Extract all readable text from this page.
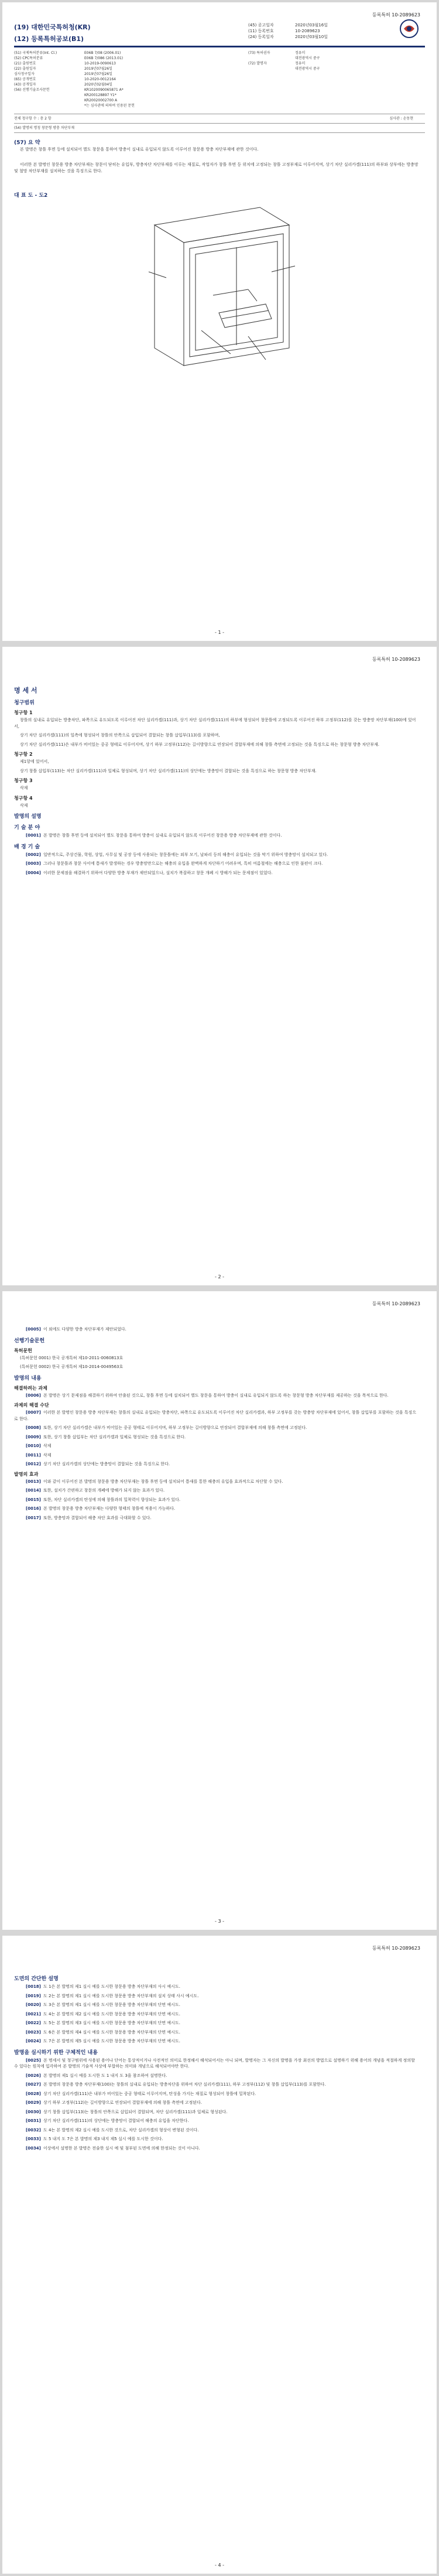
등록특허 10-2089623
(19) 대한민국특허청(KR)
(12) 등록특허공보(B1)
(45) 공고일자	2020년03월16일
(11) 등록번호	10-2089623
(24) 등록일자	2020년03월10일
(51) 국제특허분류(Int. Cl.)	E06B 7/08 (2006.01)
(52) CPC특허분류	E06B 7/086 (2013.01)
(21) 출원번호	10-2019-0090613
(22) 출원일자	2019년07월26일
심사청구일자	2019년07월26일
(65) 공개번호	10-2020-0012164
(43) 공개일자	2020년02월04일
(56) 선행기술조사문헌	KR1020090065871 A*
KR200128897 Y1*
KR20020002700 A
*는 심사관에 의하여 인용된 문헌
(73) 특허권자	정유미
대전광역시 중구
(72) 발명자	정유미
대전광역시 중구
전체 청구항 수 : 총 2 항	심사관 : 손동현
(54) 발명의 명칭 창문형 방충 차단부재
(57) 요 약
본 발명은 창틀 후면 등에 설치되어 별도 창문을 통하여 방충이 실내로 유입되지 않도록 이루어진 창문용 방충 차단부재에 관한 것이다.
이러한 본 발명인 창문용 방충 차단부재는 창문이 닫히는 유입부, 방충차단 차단부재를 이루는 재질로, 작업자가 창틀 후면 등 위치에 고정되는 창틀 고정부재로 이루어지며, 상기 차단 실리카겔(111)의 하부와 상부에는 방충망 및 철망 차단부재를 설치하는 것을 특징으로 한다.
대 표 도 - 도2
- 1 -
등록특허 10-2089623
명 세 서
청구범위
청구항 1

창틀의 실내로 유입되는 방충차단, 파쪽으로 유도되도록 이루어진 차단 실리카겔(111)과, 상기 차단 실리카겔(111)의 하부에 형성되어 창문틀에 고정되도록 이루어진 하부 고정부(112)를 갖는 방충망 차단부재(100)에 있어서,

상기 차단 실리카겔(111)의 일측에 형성되어 창틀의 안쪽으로 삽입되어 결합되는 창틀 삽입부(113)를 포함하며,

상기 차단 실리카겔(111)은 내부가 비어있는 중공 형태로 이루어지며, 상기 하부 고정부(112)는 길이방향으로 연장되어 결합부재에 의해 창틀 측면에 고정되는 것을 특징으로 하는 창문형 방충 차단부재.

청구항 2

제1항에 있어서,

상기 창틀 삽입부(113)는 차단 실리카겔(111)과 일체로 형성되며, 상기 차단 실리카겔(111)의 상단에는 방충망이 결합되는 것을 특징으로 하는 창문형 방충 차단부재.

청구항 3

삭제

청구항 4

삭제

발명의 설명
기 술 분 야

[0001] 본 발명은 창틀 후면 등에 설치되어 별도 창문을 통하여 방충이 실내로 유입되지 않도록 이루어진 창문용 방충 차단부재에 관한 것이다.

배 경 기 술

[0002] 일반적으로, 주상건물, 학원, 상업, 사무실 및 공장 등에 사용되는 창문틀에는 외부 모기, 날파리 등의 해충이 유입되는 것을 막기 위하여 방충망이 설치되고 있다.

[0003] 그러나 창문틀과 창문 사이에 틈새가 발생하는 경우 방충망만으로는 해충의 유입을 완벽하게 차단하기 어려우며, 특히 여름철에는 해충으로 인한 불편이 크다.

[0004] 이러한 문제점을 해결하기 위하여 다양한 방충 부재가 제안되었으나, 설치가 복잡하고 창문 개폐 시 방해가 되는 문제점이 있었다.

- 2 -
등록특허 10-2089623

[0005] 이 외에도 다양한 방충 차단부재가 제안되었다.

선행기술문헌
특허문헌

(특허문헌 0001) 한국 공개특허 제10-2011-0060813호

(특허문헌 0002) 한국 공개특허 제10-2014-0049563호

발명의 내용
해결하려는 과제

[0006] 본 발명은 상기 문제점을 해결하기 위하여 안출된 것으로, 창틀 후면 등에 설치되어 별도 창문을 통하여 방충이 실내로 유입되지 않도록 하는 창문형 방충 차단부재를 제공하는 것을 목적으로 한다.

과제의 해결 수단

[0007] 이러한 본 발명인 창문용 방충 차단부재는 창틀의 실내로 유입되는 방충차단, 파쪽으로 유도되도록 이루어진 차단 실리카겔과, 하부 고정부를 갖는 방충망 차단부재에 있어서, 창틀 삽입부를 포함하는 것을 특징으로 한다.

[0008] 또한, 상기 차단 실리카겔은 내부가 비어있는 중공 형태로 이루어지며, 하부 고정부는 길이방향으로 연장되어 결합부재에 의해 창틀 측면에 고정된다.

[0009] 또한, 상기 창틀 삽입부는 차단 실리카겔과 일체로 형성되는 것을 특징으로 한다.

[0010] 삭제

[0011] 삭제

[0012] 상기 차단 실리카겔의 상단에는 방충망이 결합되는 것을 특징으로 한다.

발명의 효과

[0013] 이와 같이 이루어진 본 발명의 창문용 방충 차단부재는 창틀 후면 등에 설치되어 틈새를 통한 해충의 유입을 효과적으로 차단할 수 있다.

[0014] 또한, 설치가 간편하고 창문의 개폐에 방해가 되지 않는 효과가 있다.

[0015] 또한, 차단 실리카겔의 탄성에 의해 창틀과의 밀착력이 향상되는 효과가 있다.

[0016] 본 발명의 창문용 방충 차단부재는 다양한 형태의 창틀에 적용이 가능하다.

[0017] 또한, 방충망과 결합되어 해충 차단 효과를 극대화할 수 있다.

- 3 -
등록특허 10-2089623
도면의 간단한 설명

[0018] 도 1은 본 발명의 제1 실시 예를 도시한 창문용 방충 차단부재의 사시 예시도.

[0019] 도 2는 본 발명의 제1 실시 예를 도시한 창문용 방충 차단부재의 설치 상태 사시 예시도.

[0020] 도 3은 본 발명의 제1 실시 예를 도시한 창문용 방충 차단부재의 단면 예시도.

[0021] 도 4는 본 발명의 제2 실시 예를 도시한 창문용 방충 차단부재의 단면 예시도.

[0022] 도 5는 본 발명의 제3 실시 예를 도시한 창문용 방충 차단부재의 단면 예시도.

[0023] 도 6은 본 발명의 제4 실시 예를 도시한 창문용 방충 차단부재의 단면 예시도.

[0024] 도 7은 본 발명의 제5 실시 예를 도시한 창문용 방충 차단부재의 단면 예시도.

발명을 실시하기 위한 구체적인 내용

[0025] 본 명세서 및 청구범위에 사용된 용어나 단어는 통상적이거나 사전적인 의미로 한정해서 해석되어서는 아니 되며, 발명자는 그 자신의 발명을 가장 최선의 방법으로 설명하기 위해 용어의 개념을 적절하게 정의할 수 있다는 원칙에 입각하여 본 발명의 기술적 사상에 부합하는 의미와 개념으로 해석되어야만 한다.

[0026] 본 발명의 제1 실시 예를 도시한 도 1 내지 도 3을 참조하여 설명한다.

[0027] 본 발명의 창문용 방충 차단부재(100)는 창틀의 실내로 유입되는 방충차단을 위하여 차단 실리카겔(111), 하부 고정부(112) 및 창틀 삽입부(113)를 포함한다.

[0028] 상기 차단 실리카겔(111)은 내부가 비어있는 중공 형태로 이루어지며, 탄성을 가지는 재질로 형성되어 창틀에 밀착된다.

[0029] 상기 하부 고정부(112)는 길이방향으로 연장되어 결합부재에 의해 창틀 측면에 고정된다.

[0030] 상기 창틀 삽입부(113)는 창틀의 안쪽으로 삽입되어 결합되며, 차단 실리카겔(111)과 일체로 형성된다.

[0031] 상기 차단 실리카겔(111)의 상단에는 방충망이 결합되어 해충의 유입을 차단한다.

[0032] 도 4는 본 발명의 제2 실시 예를 도시한 것으로, 차단 실리카겔의 형상이 변형된 것이다.

[0033] 도 5 내지 도 7은 본 발명의 제3 내지 제5 실시 예를 도시한 것이다.

[0034] 이상에서 설명한 본 발명은 전술한 실시 예 및 첨부된 도면에 의해 한정되는 것이 아니다.

- 4 -
